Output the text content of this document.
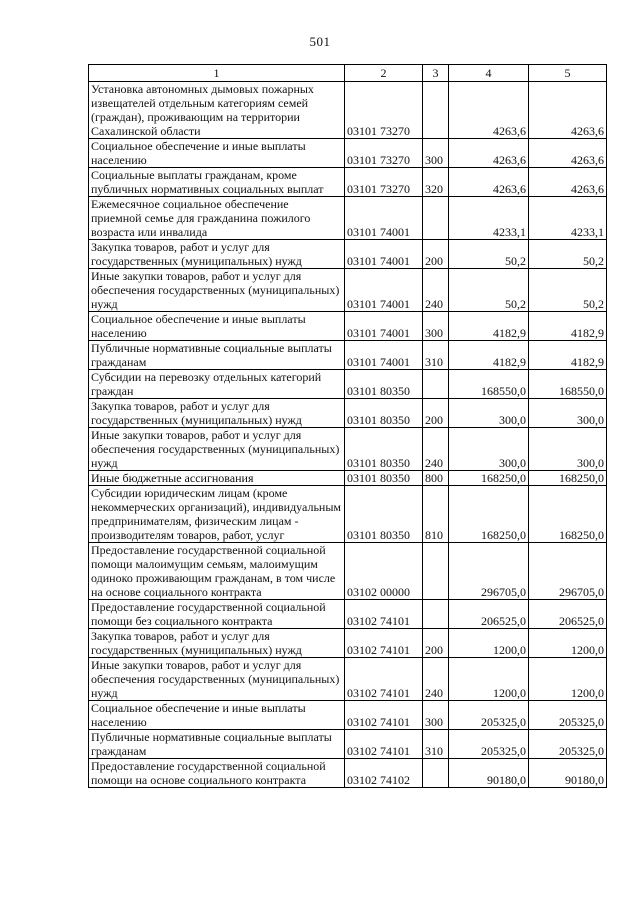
501
1	2	3	4	5
Установка автономных дымовых пожарных извещателей отдельным категориям семей (граждан), проживающим на территории Сахалинской области	03101 73270		4263,6	4263,6
Социальное обеспечение и иные выплаты населению	03101 73270	300	4263,6	4263,6
Социальные выплаты гражданам, кроме публичных нормативных социальных выплат	03101 73270	320	4263,6	4263,6
Ежемесячное социальное обеспечение приемной семье для гражданина пожилого возраста или инвалида	03101 74001		4233,1	4233,1
Закупка товаров, работ и услуг для государственных (муниципальных) нужд	03101 74001	200	50,2	50,2
Иные закупки товаров, работ и услуг для обеспечения государственных (муниципальных) нужд	03101 74001	240	50,2	50,2
Социальное обеспечение и иные выплаты населению	03101 74001	300	4182,9	4182,9
Публичные нормативные социальные выплаты гражданам	03101 74001	310	4182,9	4182,9
Субсидии на перевозку отдельных категорий граждан	03101 80350		168550,0	168550,0
Закупка товаров, работ и услуг для государственных (муниципальных) нужд	03101 80350	200	300,0	300,0
Иные закупки товаров, работ и услуг для обеспечения государственных (муниципальных) нужд	03101 80350	240	300,0	300,0
Иные бюджетные ассигнования	03101 80350	800	168250,0	168250,0
Субсидии юридическим лицам (кроме некоммерческих организаций), индивидуальным предпринимателям, физическим лицам - производителям товаров, работ, услуг	03101 80350	810	168250,0	168250,0
Предоставление государственной социальной помощи малоимущим семьям, малоимущим одиноко проживающим гражданам, в том числе на основе социального контракта	03102 00000		296705,0	296705,0
Предоставление государственной социальной помощи без социального контракта	03102 74101		206525,0	206525,0
Закупка товаров, работ и услуг для государственных (муниципальных) нужд	03102 74101	200	1200,0	1200,0
Иные закупки товаров, работ и услуг для обеспечения государственных (муниципальных) нужд	03102 74101	240	1200,0	1200,0
Социальное обеспечение и иные выплаты населению	03102 74101	300	205325,0	205325,0
Публичные нормативные социальные выплаты гражданам	03102 74101	310	205325,0	205325,0
Предоставление государственной социальной помощи на основе социального контракта	03102 74102		90180,0	90180,0
